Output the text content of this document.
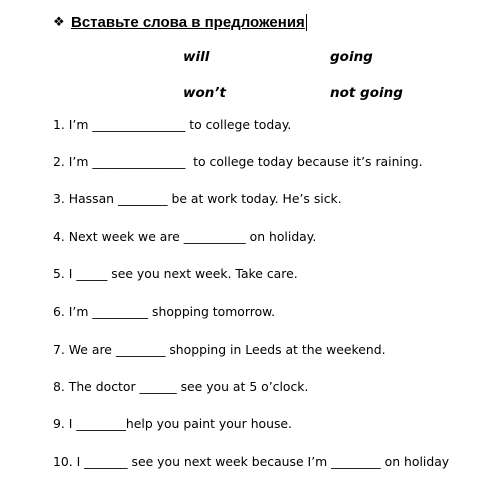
❖ Вставьте слова в предложения
will	going
won’t	not going
1. I’m _______________ to college today.
2. I’m _______________  to college today because it’s raining.
3. Hassan ________ be at work today. He’s sick.
4. Next week we are __________ on holiday.
5. I _____ see you next week. Take care.
6. I’m _________ shopping tomorrow.
7. We are ________ shopping in Leeds at the weekend.
8. The doctor ______ see you at 5 o’clock.
9. I ________help you paint your house.
10. I _______ see you next week because I’m ________ on holiday
